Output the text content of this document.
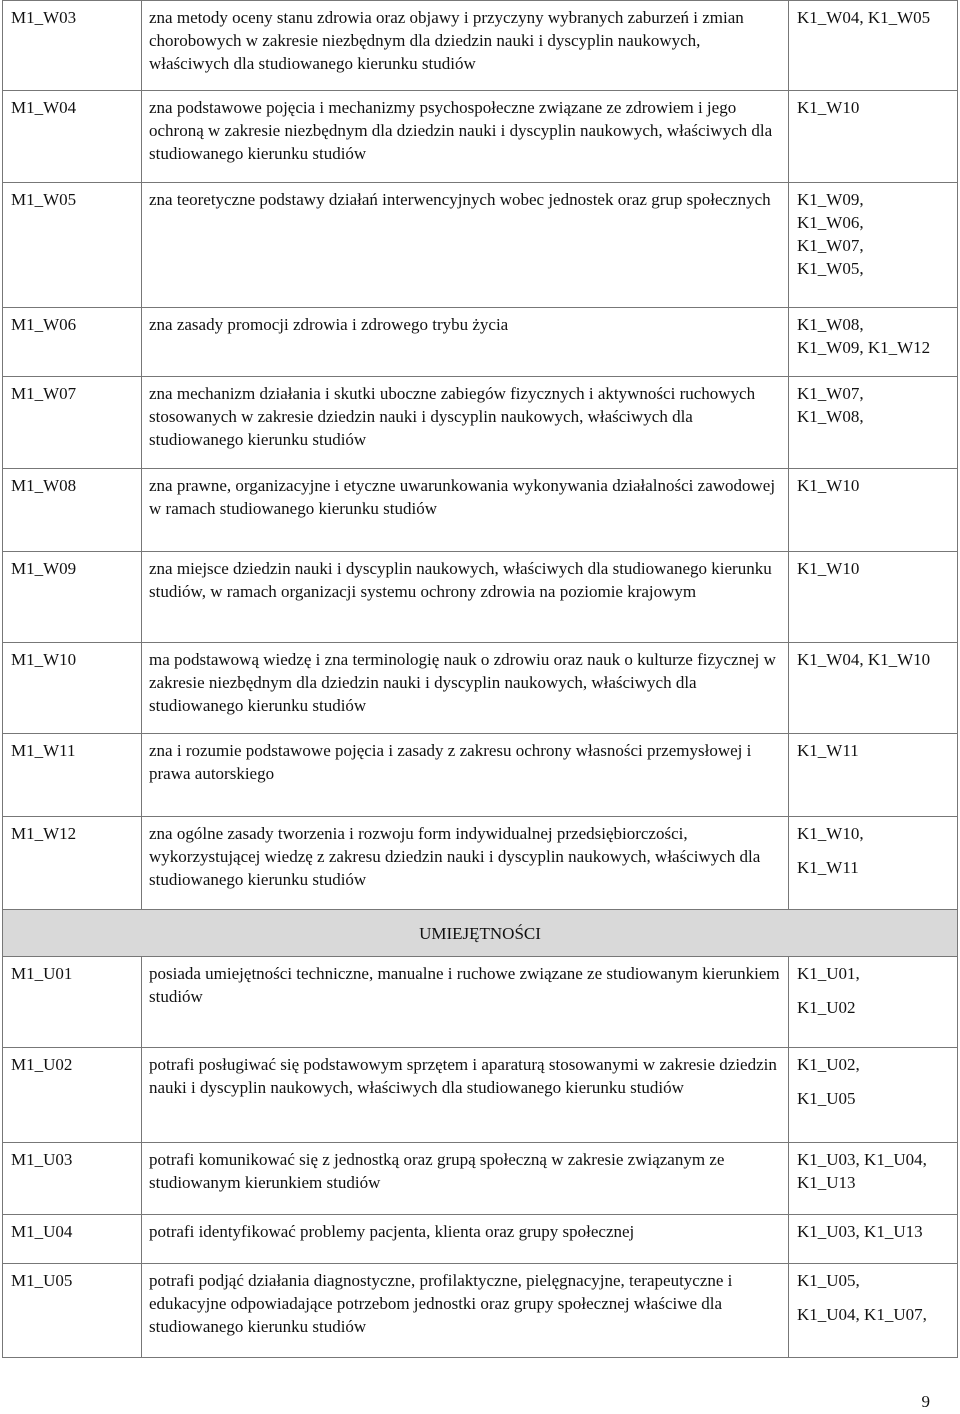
M1_W03	zna metody oceny stanu zdrowia oraz objawy i przyczyny wybranych zaburzeń i zmian chorobowych w zakresie niezbędnym dla dziedzin nauki i dyscyplin naukowych, właściwych dla studiowanego kierunku studiów	K1_W04, K1_W05

M1_W04	zna podstawowe pojęcia i mechanizmy psychospołeczne związane ze zdrowiem i jego ochroną w zakresie niezbędnym dla dziedzin nauki i dyscyplin naukowych, właściwych dla studiowanego kierunku studiów	K1_W10

M1_W05	zna teoretyczne podstawy działań interwencyjnych wobec jednostek oraz grup społecznych	K1_W09,
K1_W06,
K1_W07,
K1_W05,

M1_W06	zna zasady promocji zdrowia i zdrowego trybu życia	K1_W08,
K1_W09, K1_W12

M1_W07	zna mechanizm działania i skutki uboczne zabiegów fizycznych i aktywności ruchowych stosowanych w zakresie dziedzin nauki i dyscyplin naukowych, właściwych dla studiowanego kierunku studiów	K1_W07,
K1_W08,

M1_W08	zna prawne, organizacyjne i etyczne uwarunkowania wykonywania działalności zawodowej w ramach studiowanego kierunku studiów	K1_W10

M1_W09	zna miejsce dziedzin nauki i dyscyplin naukowych, właściwych dla studiowanego kierunku studiów, w ramach organizacji systemu ochrony zdrowia na poziomie krajowym	K1_W10

M1_W10	ma podstawową wiedzę i zna terminologię nauk o zdrowiu oraz nauk o kulturze fizycznej w zakresie niezbędnym dla dziedzin nauki i dyscyplin naukowych, właściwych dla studiowanego kierunku studiów	K1_W04, K1_W10

M1_W11	zna i rozumie podstawowe pojęcia i zasady z zakresu ochrony własności przemysłowej i prawa autorskiego	K1_W11

M1_W12	zna ogólne zasady tworzenia i rozwoju form indywidualnej przedsiębiorczości, wykorzystującej wiedzę z zakresu dziedzin nauki i dyscyplin naukowych, właściwych dla studiowanego kierunku studiów	K1_W10,
K1_W11

UMIEJĘTNOŚCI		
M1_U01	posiada umiejętności techniczne, manualne i ruchowe związane ze studiowanym kierunkiem studiów	K1_U01,
K1_U02

M1_U02	potrafi posługiwać się podstawowym sprzętem i aparaturą stosowanymi w zakresie dziedzin nauki i dyscyplin naukowych, właściwych dla studiowanego kierunku studiów	K1_U02,
K1_U05

M1_U03	potrafi komunikować się z jednostką oraz grupą społeczną w zakresie związanym ze studiowanym kierunkiem studiów	K1_U03, K1_U04,
K1_U13

M1_U04	potrafi identyfikować problemy pacjenta, klienta oraz grupy społecznej	K1_U03, K1_U13

M1_U05	potrafi podjąć działania diagnostyczne, profilaktyczne, pielęgnacyjne, terapeutyczne i edukacyjne odpowiadające potrzebom jednostki oraz grupy społecznej właściwe dla studiowanego kierunku studiów	K1_U05,
K1_U04, K1_U07,
9
